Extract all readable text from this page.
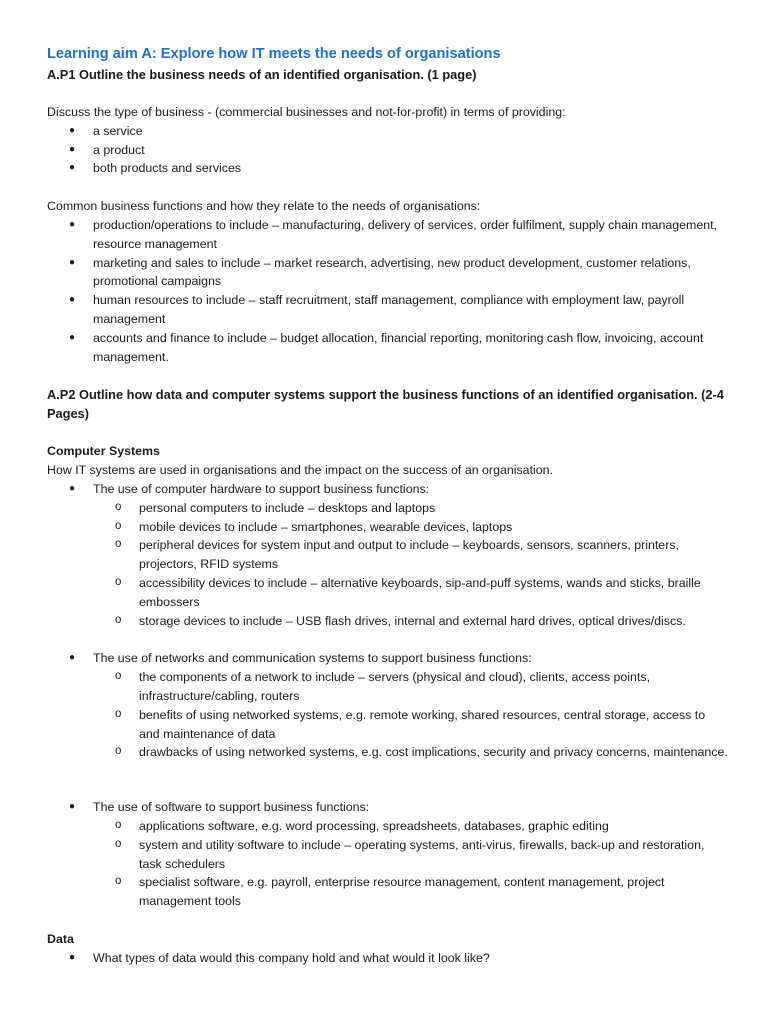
Learning aim A: Explore how IT meets the needs of organisations
A.P1 Outline the business needs of an identified organisation. (1 page)

Discuss the type of business - (commercial businesses and not-for-profit) in terms of providing:

● a service
● a product
● both products and services

Common business functions and how they relate to the needs of organisations:

● production/operations to include – manufacturing, delivery of services, order fulfilment, supply chain management, resource management
● marketing and sales to include – market research, advertising, new product development, customer relations, promotional campaigns
● human resources to include – staff recruitment, staff management, compliance with employment law, payroll management
● accounts and finance to include – budget allocation, financial reporting, monitoring cash flow, invoicing, account management.
A.P2 Outline how data and computer systems support the business functions of an identified organisation. (2-4 Pages)

Computer Systems

How IT systems are used in organisations and the impact on the success of an organisation.

● The use of computer hardware to support business functions:
o personal computers to include – desktops and laptops
o mobile devices to include – smartphones, wearable devices, laptops
o peripheral devices for system input and output to include – keyboards, sensors, scanners, printers, projectors, RFID systems
o accessibility devices to include – alternative keyboards, sip-and-puff systems, wands and sticks, braille embossers
o storage devices to include – USB flash drives, internal and external hard drives, optical drives/discs.
● The use of networks and communication systems to support business functions:
o the components of a network to include – servers (physical and cloud), clients, access points, infrastructure/cabling, routers
o benefits of using networked systems, e.g. remote working, shared resources, central storage, access to and maintenance of data
o drawbacks of using networked systems, e.g. cost implications, security and privacy concerns, maintenance.
● The use of software to support business functions:
o applications software, e.g. word processing, spreadsheets, databases, graphic editing
o system and utility software to include – operating systems, anti-virus, firewalls, back-up and restoration, task schedulers
o specialist software, e.g. payroll, enterprise resource management, content management, project management tools

Data

● What types of data would this company hold and what would it look like?
